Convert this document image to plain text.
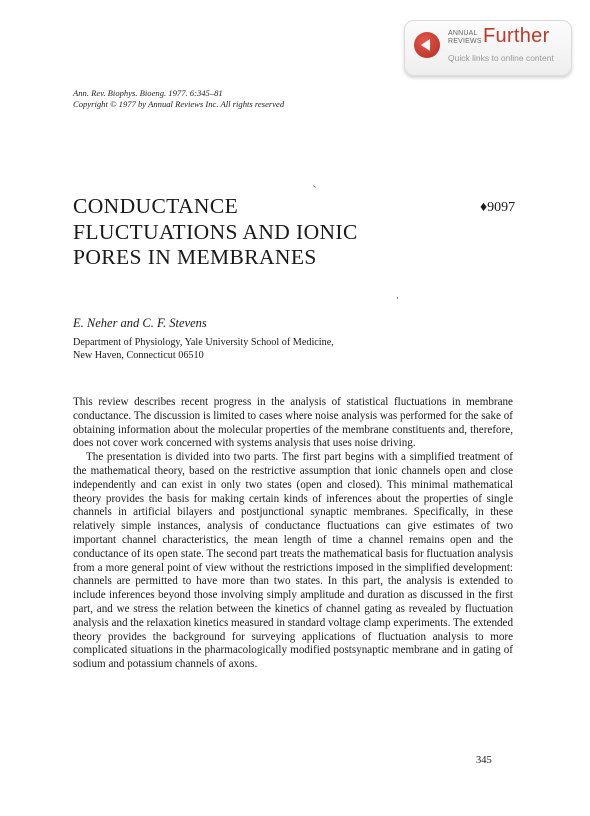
ANNUAL
REVIEWS Further
Quick links to online content
Ann. Rev. Biophys. Bioeng. 1977. 6:345–81
Copyright © 1977 by Annual Reviews Inc. All rights reserved
CONDUCTANCE
FLUCTUATIONS AND IONIC
PORES IN MEMBRANES
♦9097
E. Neher and C. F. Stevens
Department of Physiology, Yale University School of Medicine,
New Haven, Connecticut 06510

This review describes recent progress in the analysis of statistical fluctuations in membrane conductance. The discussion is limited to cases where noise analysis was performed for the sake of obtaining information about the molecular properties of the membrane constituents and, therefore, does not cover work concerned with systems analysis that uses noise driving.

The presentation is divided into two parts. The first part begins with a simplified treatment of the mathematical theory, based on the restrictive assumption that ionic channels open and close independently and can exist in only two states (open and closed). This minimal mathematical theory provides the basis for making certain kinds of inferences about the properties of single channels in artificial bilayers and postjunctional synaptic membranes. Specifically, in these relatively simple instances, analysis of conductance fluctuations can give estimates of two important channel characteristics, the mean length of time a channel remains open and the conductance of its open state. The second part treats the mathematical basis for fluctuation analysis from a more general point of view without the restrictions imposed in the simplified development: channels are permitted to have more than two states. In this part, the analysis is extended to include inferences beyond those involving simply amplitude and duration as discussed in the first part, and we stress the relation between the kinetics of channel gating as revealed by fluctuation analysis and the relaxation kinetics measured in standard voltage clamp experiments. The extended theory provides the background for surveying applications of fluctuation analysis to more complicated situations in the pharmacologically modified postsynaptic membrane and in gating of sodium and potassium channels of axons.

345
